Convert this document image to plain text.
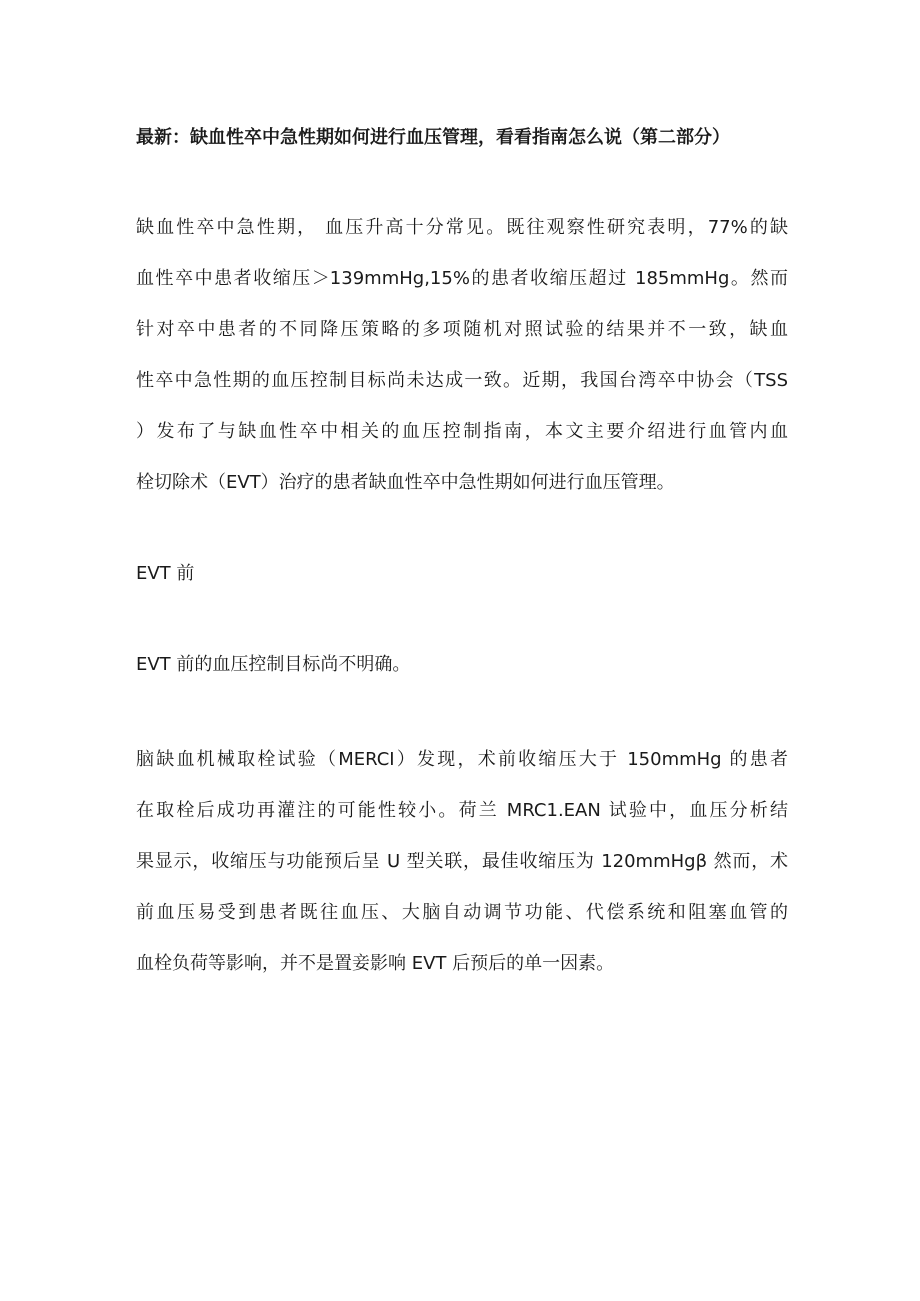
最新：缺血性卒中急性期如何进行血压管理，看看指南怎么说（第二部分）
缺血性卒中急性期， 血压升高十分常见。既往观察性研究表明，77%的缺
血性卒中患者收缩压＞139mmHg,15%的患者收缩压超过 185mmHg。然而
针对卒中患者的不同降压策略的多项随机对照试验的结果并不一致，缺血
性卒中急性期的血压控制目标尚未达成一致。近期，我国台湾卒中协会（TSS
）发布了与缺血性卒中相关的血压控制指南，本文主要介绍进行血管内血
栓切除术（EVT）治疗的患者缺血性卒中急性期如何进行血压管理。

EVT 前

EVT 前的血压控制目标尚不明确。

脑缺血机械取栓试验（MERCI）发现，术前收缩压大于 150mmHg 的患者
在取栓后成功再灌注的可能性较小。荷兰 MRC1.EAN 试验中，血压分析结
果显示，收缩压与功能预后呈 U 型关联，最佳收缩压为 120mmHgβ 然而，术
前血压易受到患者既往血压、大脑自动调节功能、代偿系统和阻塞血管的
血栓负荷等影响，并不是置妾影响 EVT 后预后的单一因素。
